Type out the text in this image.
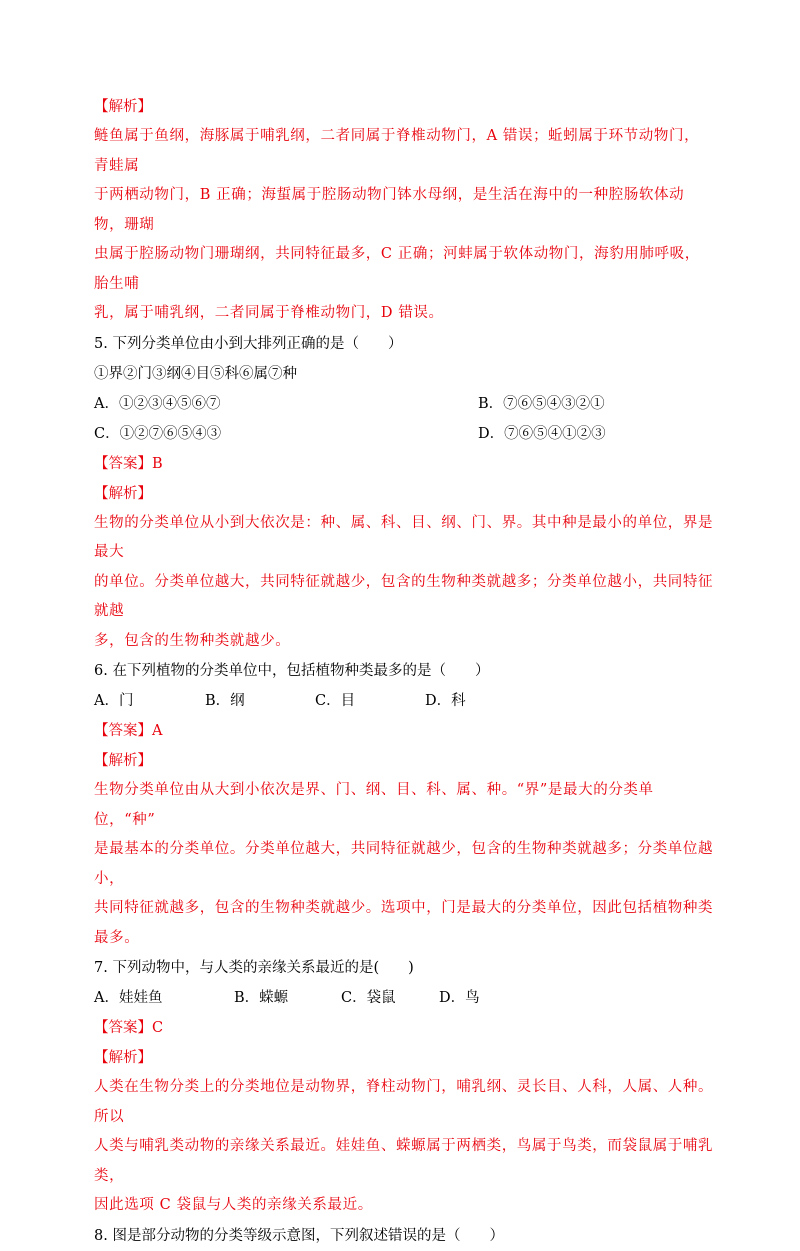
【解析】
鲢鱼属于鱼纲，海豚属于哺乳纲，二者同属于脊椎动物门，A 错误；蚯蚓属于环节动物门，青蛙属
于两栖动物门，B 正确；海蜇属于腔肠动物门钵水母纲，是生活在海中的一种腔肠软体动物，珊瑚
虫属于腔肠动物门珊瑚纲，共同特征最多，C 正确；河蚌属于软体动物门，海豹用肺呼吸，胎生哺
乳，属于哺乳纲，二者同属于脊椎动物门，D 错误。
5. 下列分类单位由小到大排列正确的是（　　）
①界②门③纲④目⑤科⑥属⑦种
A．①②③④⑤⑥⑦	B．⑦⑥⑤④③②①
C．①②⑦⑥⑤④③	D．⑦⑥⑤④①②③
【答案】B
【解析】
生物的分类单位从小到大依次是：种、属、科、目、纲、门、界。其中种是最小的单位，界是最大
的单位。分类单位越大，共同特征就越少，包含的生物种类就越多；分类单位越小，共同特征就越
多，包含的生物种类就越少。
6. 在下列植物的分类单位中，包括植物种类最多的是（　　）
A．门	B．纲	C．目	D．科
【答案】A
【解析】
生物分类单位由从大到小依次是界、门、纲、目、科、属、种。“界”是最大的分类单位，“种”
是最基本的分类单位。分类单位越大，共同特征就越少，包含的生物种类就越多；分类单位越小，
共同特征就越多，包含的生物种类就越少。选项中，门是最大的分类单位，因此包括植物种类最多。
7. 下列动物中，与人类的亲缘关系最近的是(　　)
A．娃娃鱼	B．蝾螈	C．袋鼠	D．鸟
【答案】C
【解析】
人类在生物分类上的分类地位是动物界，脊柱动物门，哺乳纲、灵长目、人科，人属、人种。所以
人类与哺乳类动物的亲缘关系最近。娃娃鱼、蝾螈属于两栖类，鸟属于鸟类，而袋鼠属于哺乳类，
因此选项 C 袋鼠与人类的亲缘关系最近。
8. 图是部分动物的分类等级示意图，下列叙述错误的是（　　）
